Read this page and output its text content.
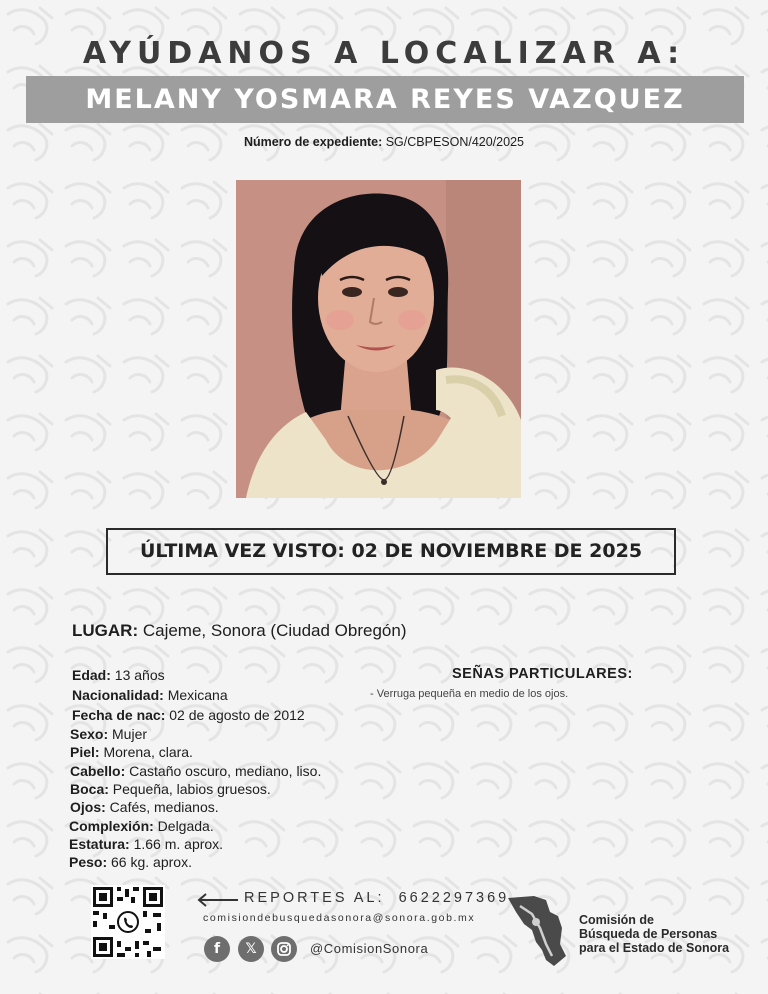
AYÚDANOS A LOCALIZAR A:
MELANY YOSMARA REYES VAZQUEZ
Número de expediente: SG/CBPESON/420/2025
ÚLTIMA VEZ VISTO: 02 DE NOVIEMBRE DE 2025
LUGAR: Cajeme, Sonora (Ciudad Obregón)
Edad: 13 años
Nacionalidad: Mexicana
Fecha de nac: 02 de agosto de 2012
Sexo: Mujer
Piel: Morena, clara.
Cabello: Castaño oscuro, mediano, liso.
Boca: Pequeña, labios gruesos.
Ojos: Cafés, medianos.
Complexión: Delgada.
Estatura: 1.66 m. aprox.
Peso: 66 kg. aprox.
SEÑAS PARTICULARES:
- Verruga pequeña en medio de los ojos.
REPORTES AL: 6622297369
comisiondebusquedasonora@sonora.gob.mx
f	𝕏	@ComisionSonora
Comisión de
Búsqueda de Personas
para el Estado de Sonora
